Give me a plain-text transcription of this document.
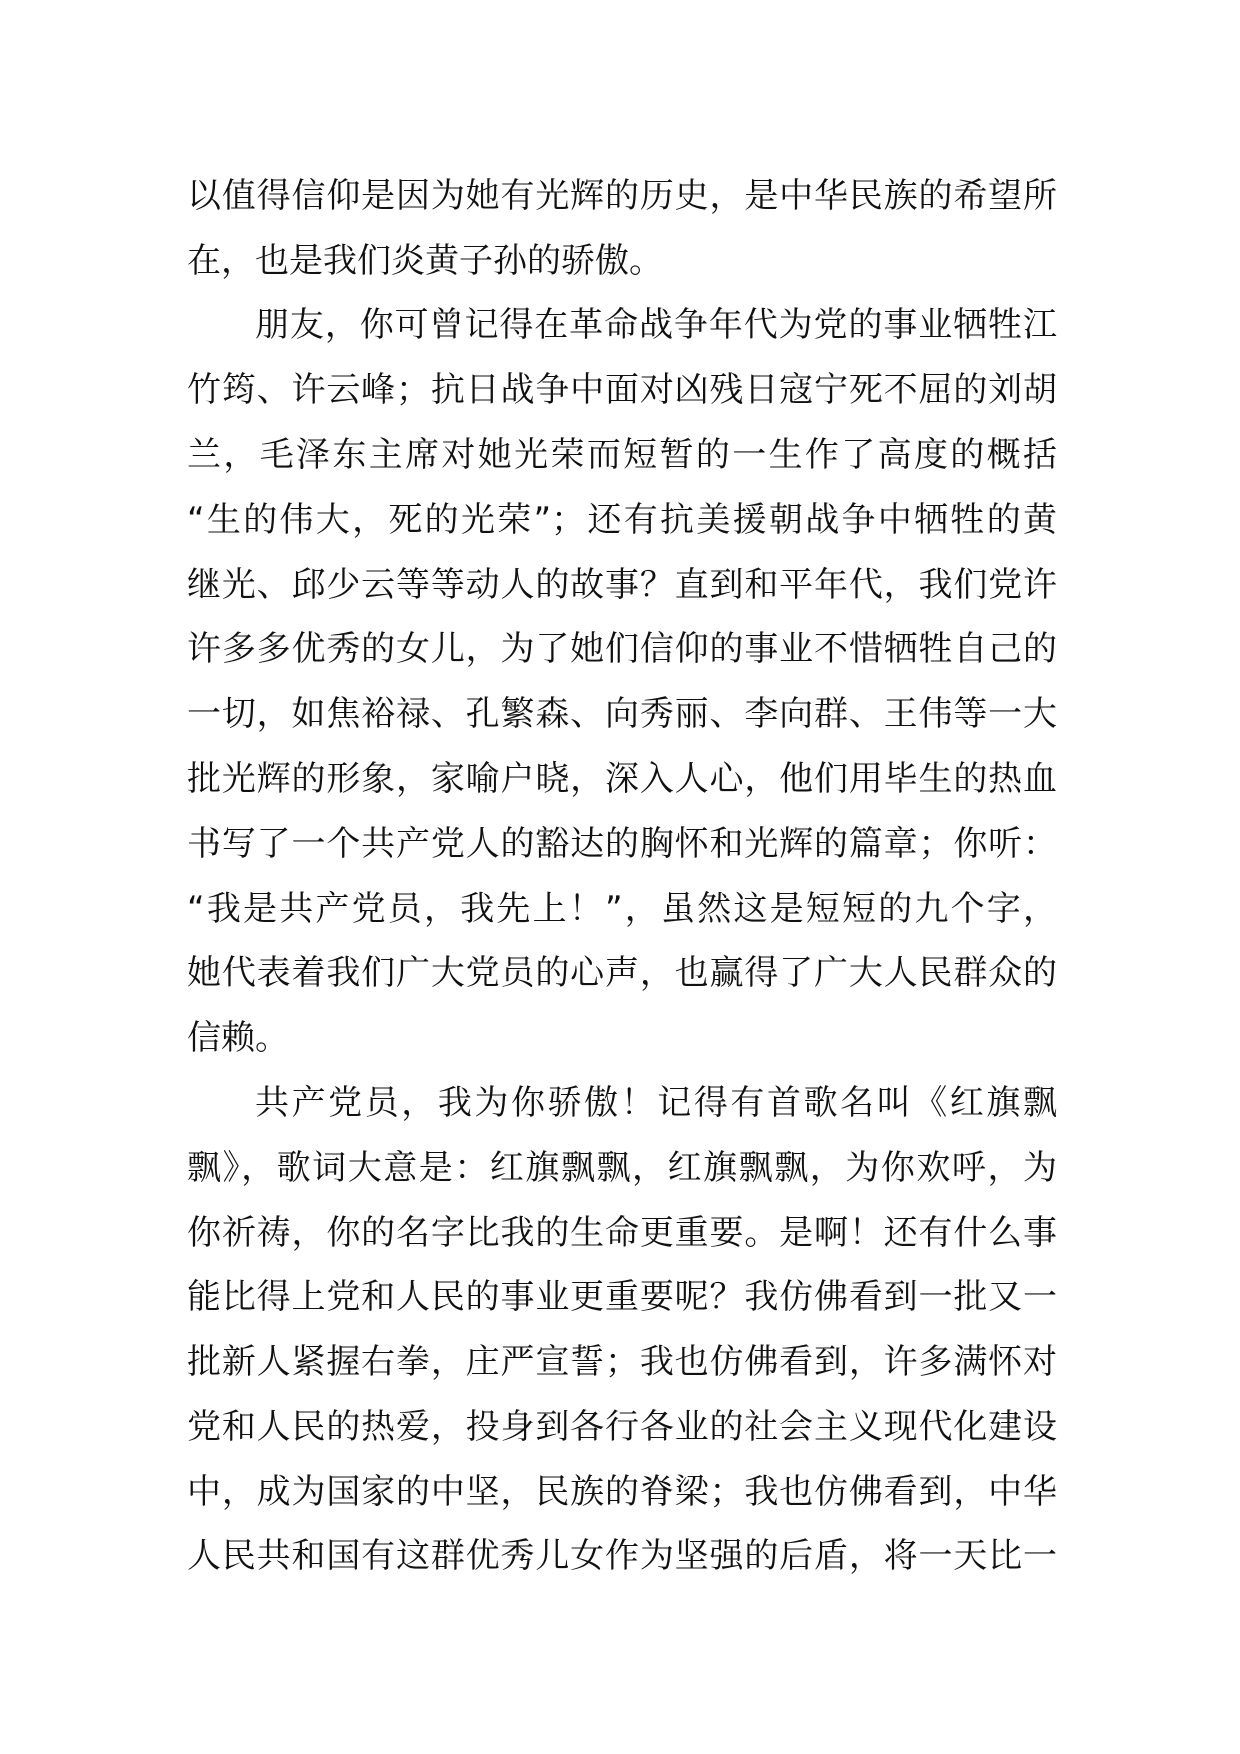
以值得信仰是因为她有光辉的历史，是中华民族的希望所
在，也是我们炎黄子孙的骄傲。
朋友，你可曾记得在革命战争年代为党的事业牺牲江
竹筠、许云峰；抗日战争中面对凶残日寇宁死不屈的刘胡
兰，毛泽东主席对她光荣而短暂的一生作了高度的概括
“生的伟大，死的光荣”；还有抗美援朝战争中牺牲的黄
继光、邱少云等等动人的故事？直到和平年代，我们党许
许多多优秀的女儿，为了她们信仰的事业不惜牺牲自己的
一切，如焦裕禄、孔繁森、向秀丽、李向群、王伟等一大
批光辉的形象，家喻户晓，深入人心，他们用毕生的热血
书写了一个共产党人的豁达的胸怀和光辉的篇章；你听：
“我是共产党员，我先上！”，虽然这是短短的九个字，
她代表着我们广大党员的心声，也赢得了广大人民群众的
信赖。
共产党员，我为你骄傲！记得有首歌名叫《红旗飘
飘》，歌词大意是：红旗飘飘，红旗飘飘，为你欢呼，为
你祈祷，你的名字比我的生命更重要。是啊！还有什么事
能比得上党和人民的事业更重要呢？我仿佛看到一批又一
批新人紧握右拳，庄严宣誓；我也仿佛看到，许多满怀对
党和人民的热爱，投身到各行各业的社会主义现代化建设
中，成为国家的中坚，民族的脊梁；我也仿佛看到，中华
人民共和国有这群优秀儿女作为坚强的后盾，将一天比一
